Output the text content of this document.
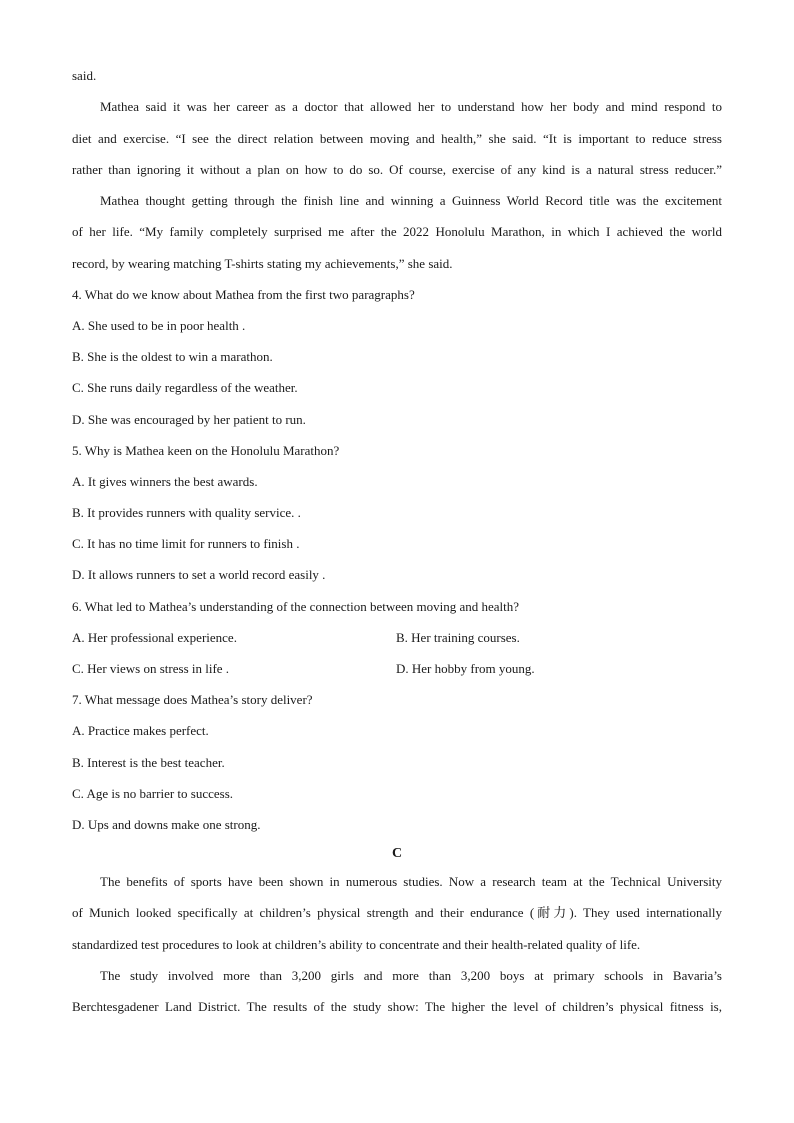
said.
Mathea said it was her career as a doctor that allowed her to understand how her body and mind respond to
diet and exercise. “I see the direct relation between moving and health,” she said. “It is important to reduce stress
rather than ignoring it without a plan on how to do so. Of course, exercise of any kind is a natural stress reducer.”
Mathea thought getting through the finish line and winning a Guinness World Record title was the excitement
of her life. “My family completely surprised me after the 2022 Honolulu Marathon, in which I achieved the world
record, by wearing matching T-shirts stating my achievements,” she said.
4. What do we know about Mathea from the first two paragraphs?
A. She used to be in poor health .
B. She is the oldest to win a marathon.
C. She runs daily regardless of the weather.
D. She was encouraged by her patient to run.
5. Why is Mathea keen on the Honolulu Marathon?
A. It gives winners the best awards.
B. It provides runners with quality service. .
C. It has no time limit for runners to finish .
D. It allows runners to set a world record easily .
6. What led to Mathea’s understanding of the connection between moving and health?
A. Her professional experience.	B. Her training courses.
C. Her views on stress in life .	D. Her hobby from young.
7. What message does Mathea’s story deliver?
A. Practice makes perfect.
B. Interest is the best teacher.
C. Age is no barrier to success.
D. Ups and downs make one strong.
C
The benefits of sports have been shown in numerous studies. Now a research team at the Technical University
of Munich looked specifically at children’s physical strength and their endurance (耐力). They used internationally
standardized test procedures to look at children’s ability to concentrate and their health-related quality of life.
The study involved more than 3,200 girls and more than 3,200 boys at primary schools in Bavaria’s
Berchtesgadener Land District. The results of the study show: The higher the level of children’s physical fitness is,
